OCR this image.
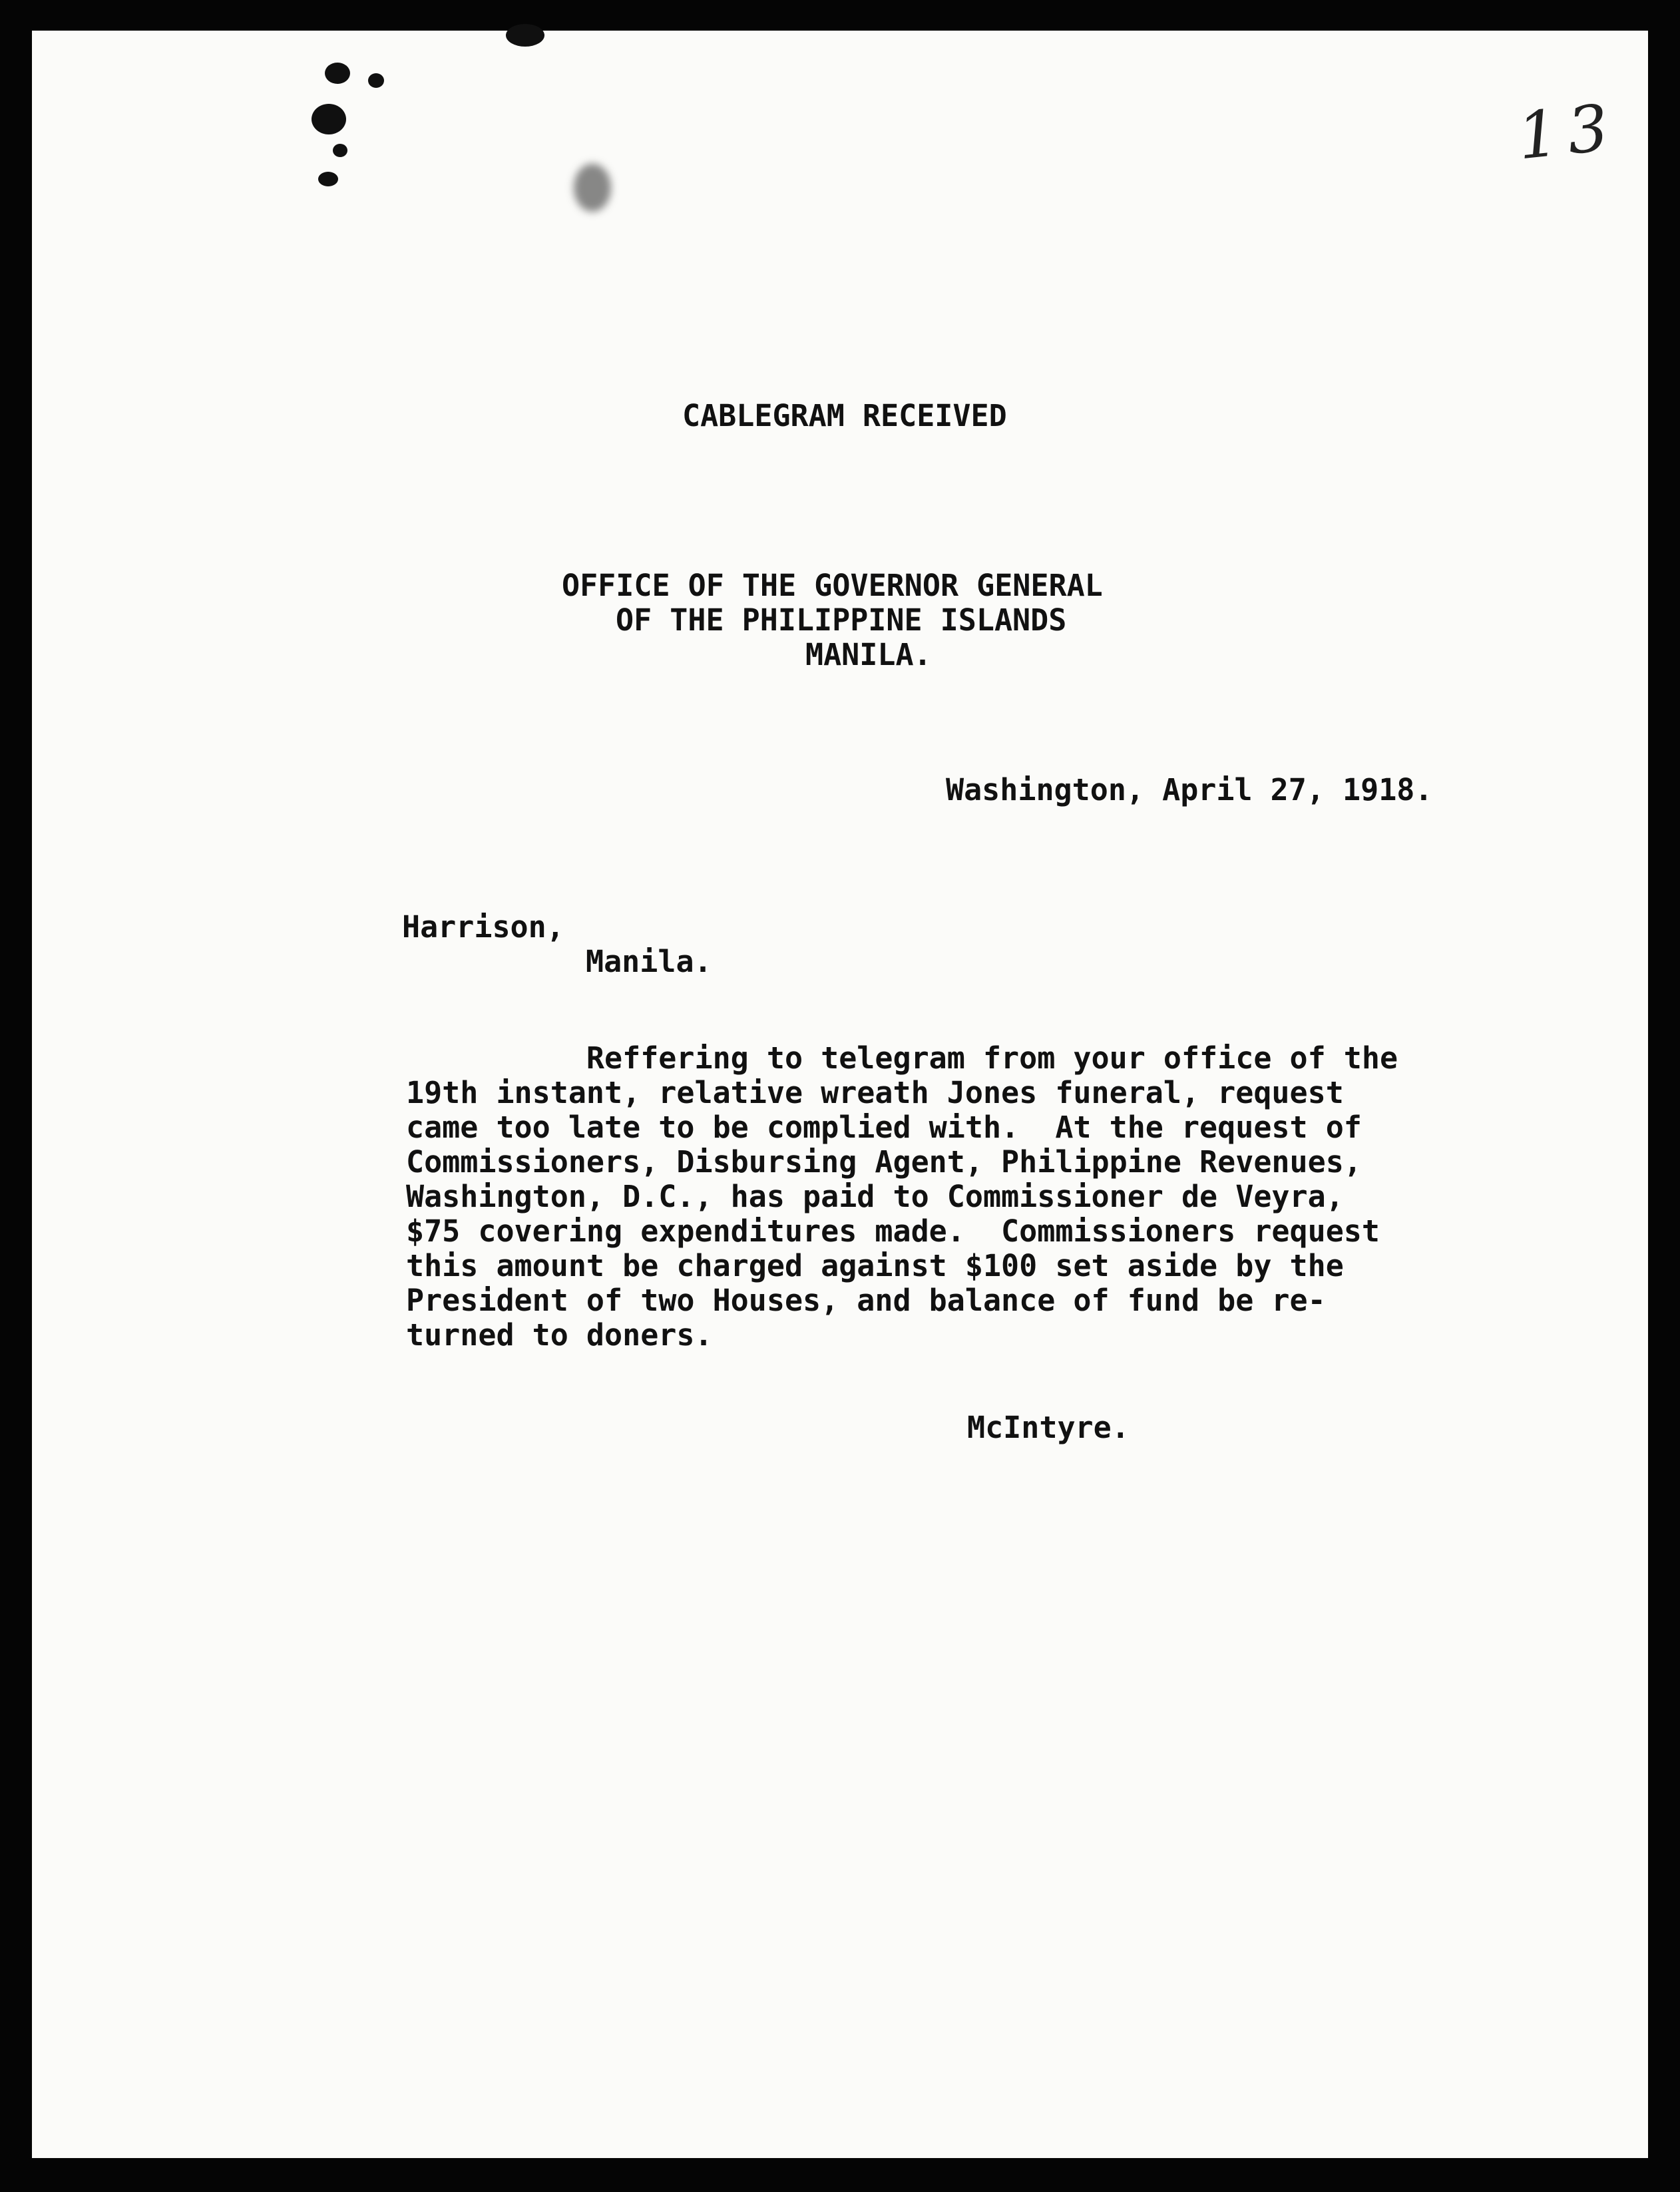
13

CABLEGRAM RECEIVED

OFFICE OF THE GOVERNOR GENERAL

OF THE PHILIPPINE ISLANDS

MANILA.

Washington, April 27, 1918.

Harrison,

Manila.

Reffering to telegram from your office of the
19th instant, relative wreath Jones funeral, request
came too late to be complied with.  At the request of
Commissioners, Disbursing Agent, Philippine Revenues,
Washington, D.C., has paid to Commissioner de Veyra,
$75 covering expenditures made.  Commissioners request
this amount be charged against $100 set aside by the
President of two Houses, and balance of fund be re-
turned to doners.

McIntyre.
